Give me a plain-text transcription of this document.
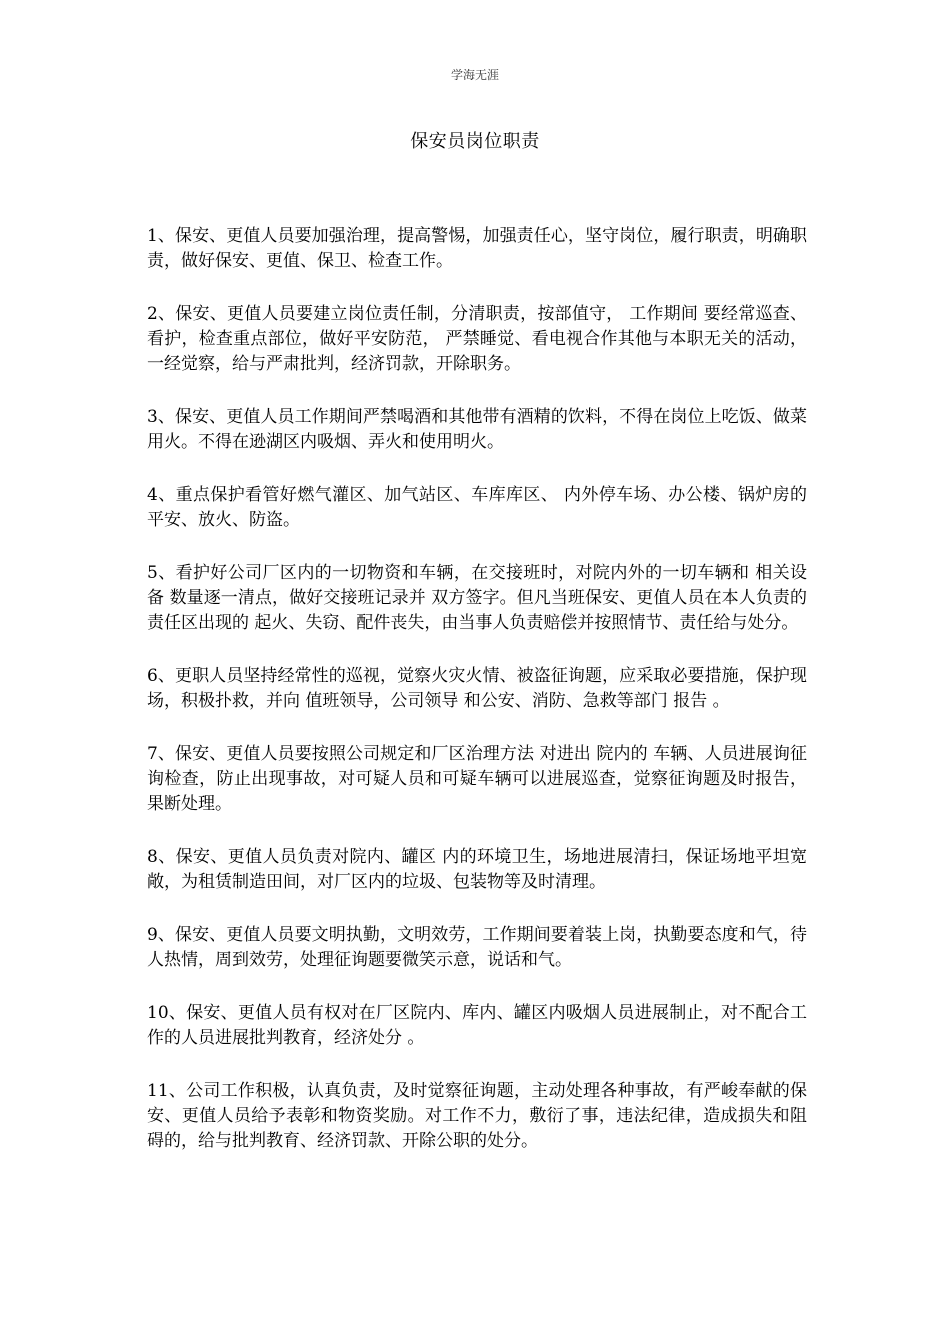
学海无涯
保安员岗位职责

1、保安、更值人员要加强治理，提高警惕，加强责任心，坚守岗位，履行职责，明确职责，做好保安、更值、保卫、检查工作。

2、保安、更值人员要建立岗位责任制，分清职责，按部值守， 工作期间 要经常巡查、看护，检查重点部位，做好平安防范， 严禁睡觉、看电视合作其他与本职无关的活动，一经觉察，给与严肃批判，经济罚款，开除职务。

3、保安、更值人员工作期间严禁喝酒和其他带有酒精的饮料，不得在岗位上吃饭、做菜用火。不得在逊湖区内吸烟、弄火和使用明火。

4、重点保护看管好燃气灌区、加气站区、车库库区、 内外停车场、办公楼、锅炉房的平安、放火、防盗。

5、看护好公司厂区内的一切物资和车辆，在交接班时，对院内外的一切车辆和 相关设备 数量逐一清点，做好交接班记录并 双方签字。但凡当班保安、更值人员在本人负责的责任区出现的 起火、失窃、配件丧失，由当事人负责赔偿并按照情节、责任给与处分。

6、更职人员坚持经常性的巡视，觉察火灾火情、被盗征询题，应采取必要措施，保护现场，积极扑救，并向 值班领导，公司领导 和公安、消防、急救等部门 报告 。

7、保安、更值人员要按照公司规定和厂区治理方法 对进出 院内的 车辆、人员进展询征询检查，防止出现事故，对可疑人员和可疑车辆可以进展巡查，觉察征询题及时报告，果断处理。

8、保安、更值人员负责对院内、罐区 内的环境卫生，场地进展清扫，保证场地平坦宽敞，为租赁制造田间，对厂区内的垃圾、包装物等及时清理。

9、保安、更值人员要文明执勤，文明效劳，工作期间要着装上岗，执勤要态度和气，待人热情，周到效劳，处理征询题要微笑示意，说话和气。

10、保安、更值人员有权对在厂区院内、库内、罐区内吸烟人员进展制止，对不配合工作的人员进展批判教育，经济处分 。

11、公司工作积极，认真负责，及时觉察征询题，主动处理各种事故，有严峻奉献的保安、更值人员给予表彰和物资奖励。对工作不力，敷衍了事，违法纪律，造成损失和阻碍的，给与批判教育、经济罚款、开除公职的处分。
